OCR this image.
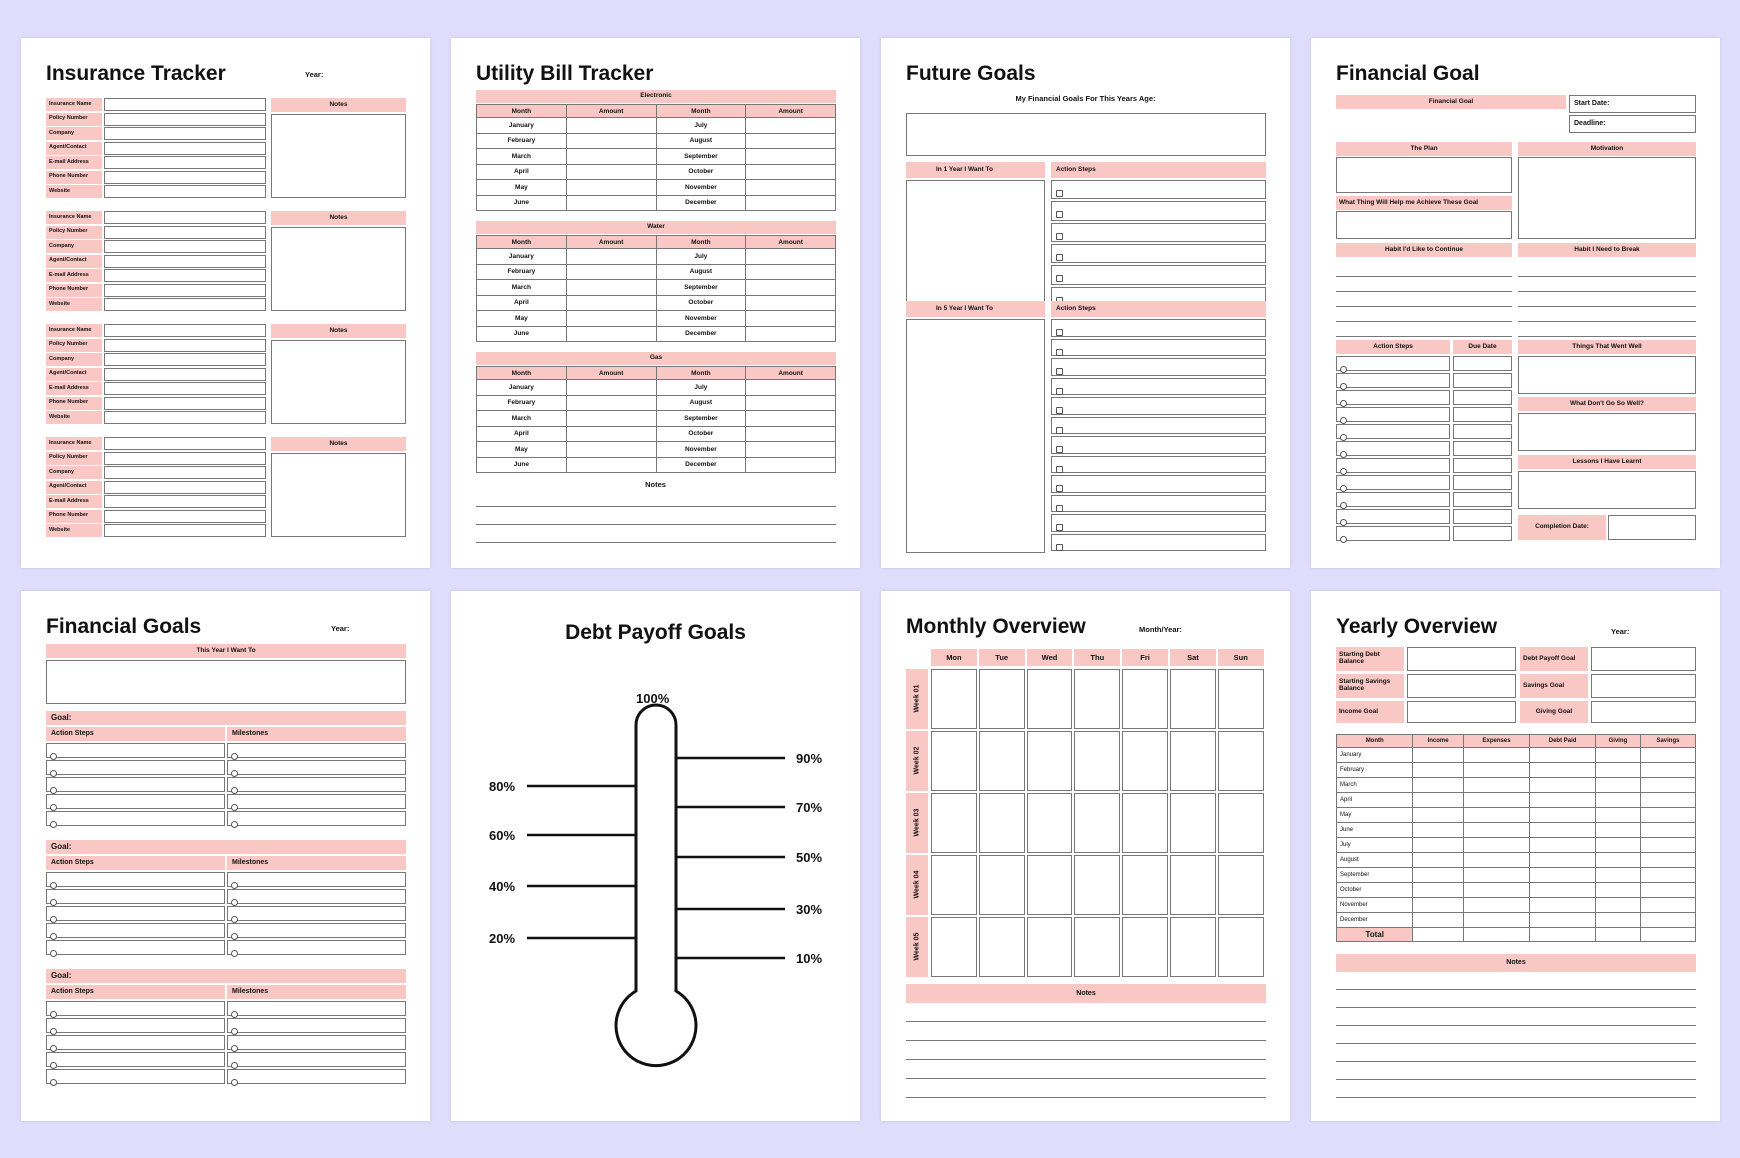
Insurance Tracker	Year:
Insurance Name
Policy Number
Company
Agent/Contact
E-mail Address
Phone Number
Website
Notes
Insurance Name
Policy Number
Company
Agent/Contact
E-mail Address
Phone Number
Website
Notes
Insurance Name
Policy Number
Company
Agent/Contact
E-mail Address
Phone Number
Website
Notes
Insurance Name
Policy Number
Company
Agent/Contact
E-mail Address
Phone Number
Website
Notes
Utility Bill Tracker
Electronic
Month	Amount	Month	Amount
January		July	
February		August	
March		September	
April		October	
May		November	
June		December	
Water
Month	Amount	Month	Amount
January		July	
February		August	
March		September	
April		October	
May		November	
June		December	
Gas
Month	Amount	Month	Amount
January		July	
February		August	
March		September	
April		October	
May		November	
June		December	
Notes
Future Goals
My Financial Goals For This Years Age:
In 1 Year I Want To	Action Steps
In 5 Year I Want To	Action Steps
Financial Goal
Financial Goal	Start Date:
Deadline:
The Plan	Motivation
What Thing Will Help me Achieve These Goal
Habit I'd Like to Continue	Habit I Need to Break
Action Steps	Due Date	Things That Went Well
What Don't Go So Well?
Lessons I Have Learnt
Completion Date:
Financial Goals	Year:
This Year I Want To
Goal:
Action Steps	Milestones
Goal:
Action Steps	Milestones
Goal:
Action Steps	Milestones
Debt Payoff Goals
100%
80%
60%
40%
20%
90%
70%
50%
30%
10%
Monthly Overview	Month/Year:
Mon	Tue	Wed	Thu	Fri	Sat	Sun
Week 01
Week 02
Week 03
Week 04
Week 05
Notes
Yearly Overview	Year:
Starting Debt Balance	Debt Payoff Goal
Starting Savings Balance	Savings Goal
Income Goal	Giving Goal
Month	Income	Expenses	Debt Paid	Giving	Savings
January					
February					
March					
April					
May					
June					
July					
August					
September					
October					
November					
December					
Total					
Notes
